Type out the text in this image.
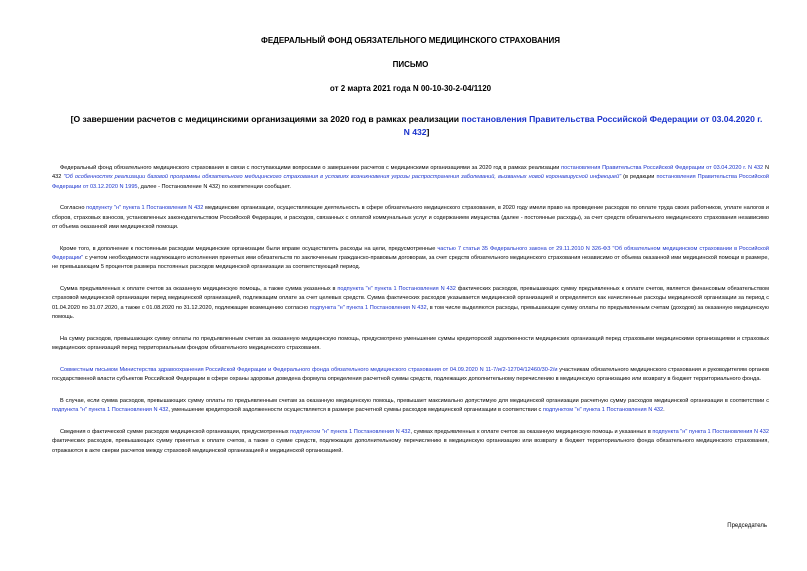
ФЕДЕРАЛЬНЫЙ ФОНД ОБЯЗАТЕЛЬНОГО МЕДИЦИНСКОГО СТРАХОВАНИЯ
ПИСЬМО
от 2 марта 2021 года N 00-10-30-2-04/1120
[О завершении расчетов с медицинскими организациями за 2020 год в рамках реализации постановления Правительства Российской Федерации от 03.04.2020 г. N 432]

Федеральный фонд обязательного медицинского страхования в связи с поступающими вопросами о завершении расчетов с медицинскими организациями за 2020 год в рамках реализации постановления Правительства Российской Федерации от 03.04.2020 г. N 432 N 432 "Об особенностях реализации базовой программы обязательного медицинского страхования в условиях возникновения угрозы распространения заболеваний, вызванных новой коронавирусной инфекцией" (в редакции постановления Правительства Российской Федерации от 03.12.2020 N 1995, далее - Постановление N 432) по компетенции сообщает.

Согласно подпункту "н" пункта 1 Постановления N 432 медицинские организации, осуществляющие деятельность в сфере обязательного медицинского страхования, в 2020 году имели право на проведение расходов по оплате труда своих работников, уплате налогов и сборов, страховых взносов, установленных законодательством Российской Федерации, и расходов, связанных с оплатой коммунальных услуг и содержанием имущества (далее - постоянные расходы), за счет средств обязательного медицинского страхования независимо от объема оказанной ими медицинской помощи.

Кроме того, в дополнение к постоянным расходам медицинские организации были вправе осуществлять расходы на цели, предусмотренные частью 7 статьи 35 Федерального закона от 29.11.2010 N 326-ФЗ "Об обязательном медицинском страховании в Российской Федерации" с учетом необходимости надлежащего исполнения принятых ими обязательств по заключенным гражданско-правовым договорам, за счет средств обязательного медицинского страхования независимо от объема оказанной ими медицинской помощи в размере, не превышающем 5 процентов размера постоянных расходов медицинской организации за соответствующий период.

Сумма предъявленных к оплате счетов за оказанную медицинскую помощь, а также сумма указанных в подпункта "н" пункта 1 Постановления N 432 фактических расходов, превышающих сумму предъявленных к оплате счетов, является финансовым обязательством страховой медицинской организации перед медицинской организацией, подлежащим оплате за счет целевых средств. Сумма фактических расходов указывается медицинской организацией и определяется как начисленные расходы медицинской организации за период с 01.04.2020 по 31.07.2020, а также с 01.08.2020 по 31.12.2020, подлежащие возмещению согласно подпункта "н" пункта 1 Постановления N 432, в том числе выделяются расходы, превышающие сумму оплаты по предъявленным счетам (доходов) за оказанную медицинскую помощь.

На сумму расходов, превышающих сумму оплаты по предъявленным счетам за оказанную медицинскую помощь, предусмотрено уменьшение суммы кредиторской задолженности медицинских организаций перед страховыми медицинскими организациями и страховых медицинских организаций перед территориальным фондом обязательного медицинского страхования.

Совместным письмом Министерства здравоохранения Российской Федерации и Федерального фонда обязательного медицинского страхования от 04.09.2020 N 11-7/и/2-12704/12460/30-2/и участникам обязательного медицинского страхования и руководителям органов государственной власти субъектов Российской Федерации в сфере охраны здоровья доведена формула определения расчетной суммы средств, подлежащих дополнительному перечислению в медицинскую организацию или возврату в бюджет территориального фонда.

В случае, если сумма расходов, превышающих сумму оплаты по предъявленным счетам за оказанную медицинскую помощь, превышает максимально допустимую для медицинской организации расчетную сумму расходов медицинской организации в соответствии с подпункта "н" пункта 1 Постановления N 432, уменьшение кредиторской задолженности осуществляется в размере расчетной суммы расходов медицинской организации в соответствии с подпунктом "н" пункта 1 Постановления N 432.

Сведения о фактической сумме расходов медицинской организации, предусмотренных подпунктом "н" пункта 1 Постановления N 432, суммах предъявленных к оплате счетов за оказанную медицинскую помощь и указанных в подпункта "н" пункта 1 Постановления N 432 фактических расходов, превышающих сумму принятых к оплате счетов, а также о сумме средств, подлежащих дополнительному перечислению в медицинскую организацию или возврату в бюджет территориального фонда обязательного медицинского страхования, отражаются в акте сверки расчетов между страховой медицинской организацией и медицинской организацией.

Председатель
